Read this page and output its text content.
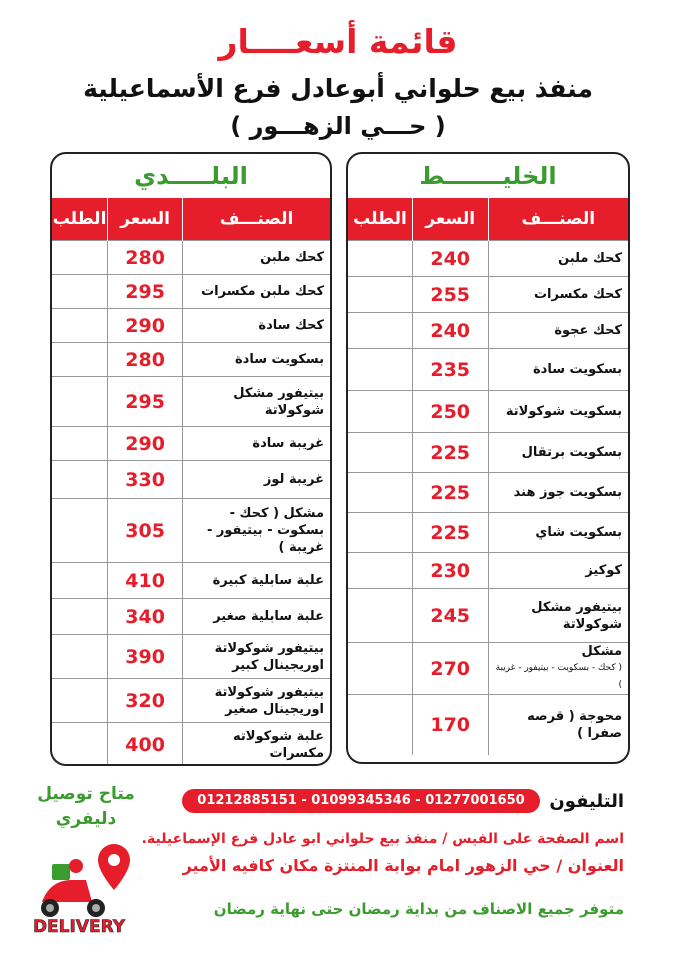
قائمة أسعــــار
منفذ بيع حلواني أبوعادل فرع الأسماعيلية
( حـــي الزهـــور )
الخليـــــــط
الصنـــف	السعر	الطلب
كحك ملبن	240	
كحك مكسرات	255	
كحك عجوة	240	
بسكويت سادة	235	
بسكويت شوكولاتة	250	
بسكويت برتقال	225	
بسكويت جوز هند	225	
بسكويت شاي	225	
كوكيز	230	
بيتيفور مشكل شوكولاتة	245	
مشكل
( كحك - بسكويت - بيتيفور - غريبة )	270	
محوجة ( قرصه صفرا )	170	
البلـــــدي
الصنـــف	السعر	الطلب
كحك ملبن	280	
كحك ملبن مكسرات	295	
كحك سادة	290	
بسكويت سادة	280	
بيتيفور مشكل شوكولاتة	295	
غريبة سادة	290	
غريبة لوز	330	
مشكل ( كحك - بسكوت - بيتيفور - غريبة )	305	
علبة سابلية كبيرة	410	
علبة سابلية صغير	340	
بيتيفور شوكولاتة اوريجينال كبير	390	
بيتيفور شوكولاتة اوريجينال صغير	320	
علبة شوكولاته مكسرات	400	
التليفون
01212885151 - 01099345346 - 01277001650
اسم الصفحة على الفيس / منفذ بيع حلواني ابو عادل فرع الإسماعيلية.
العنوان / حي الزهور امام بوابة المنتزة مكان كافيه الأمير
متوفر جميع الاصناف من بداية رمضان حتى نهاية رمضان
متاح توصيل
دليفري
DELIVERY
